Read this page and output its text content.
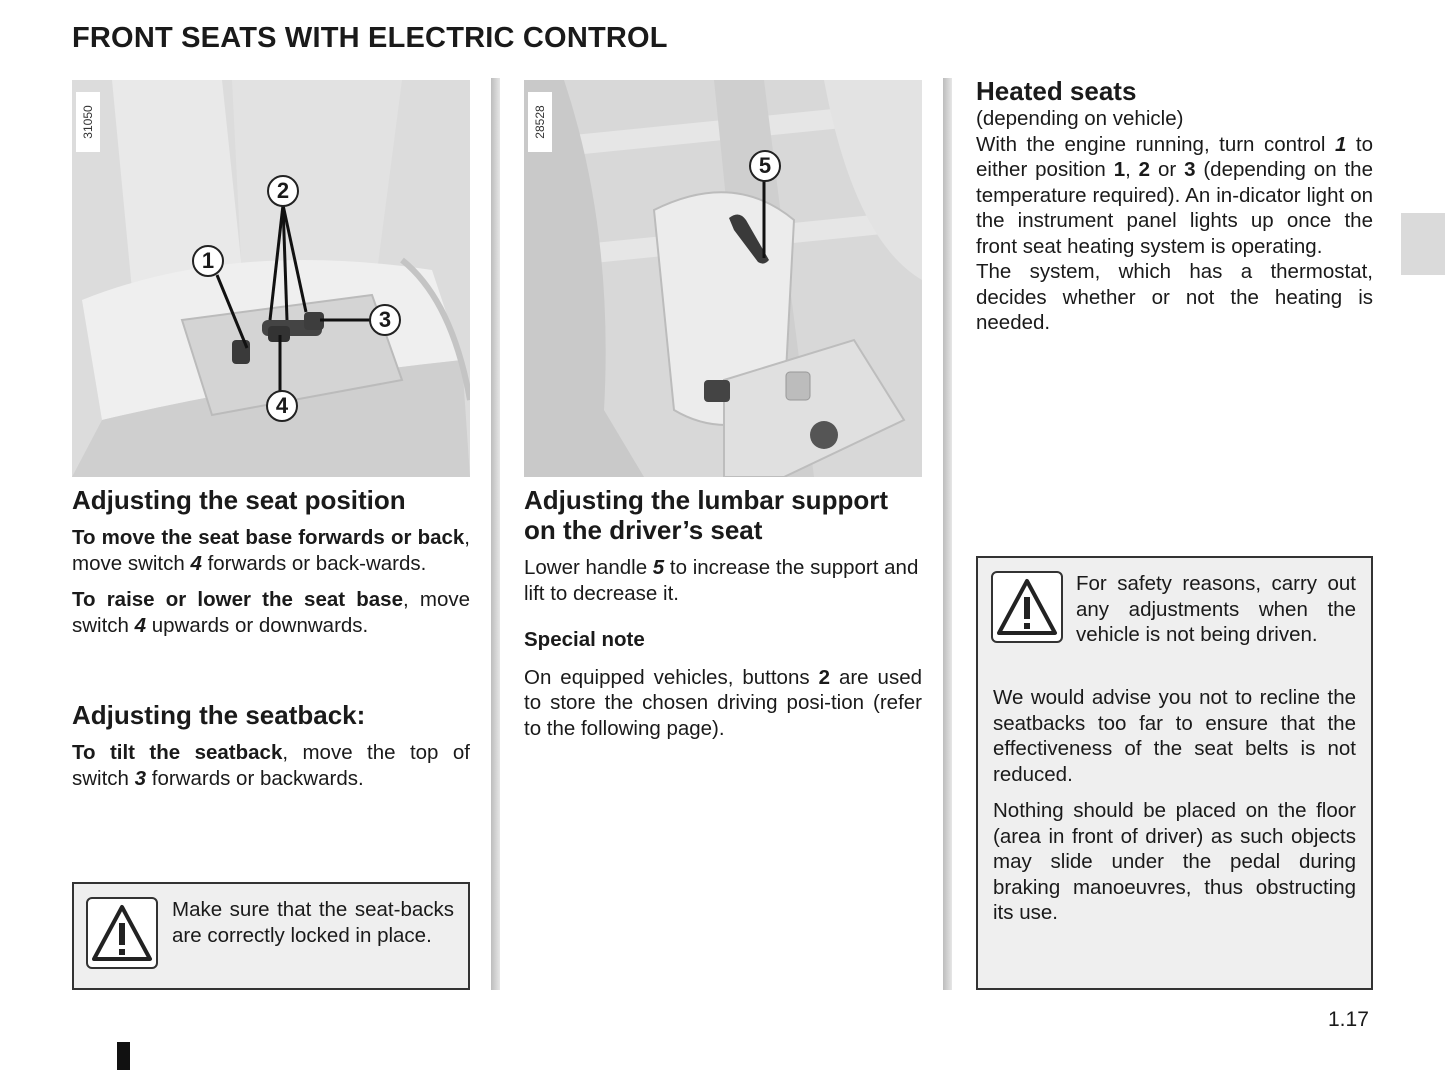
FRONT SEATS WITH ELECTRIC CONTROL
31050
1
2
3
4
28528
5
Adjusting the seat position

To move the seat base forwards or back, move switch 4 forwards or back-wards.

To raise or lower the seat base, move switch 4 upwards or downwards.

Adjusting the seatback:

To tilt the seatback, move the top of switch 3 forwards or backwards.

Make sure that the seat-backs are correctly locked in place.

Adjusting the lumbar support
on the driver’s seat

Lower handle 5 to increase the support and lift to decrease it.

Special note

On equipped vehicles, buttons 2 are used to store the chosen driving posi-tion (refer to the following page).

Heated seats

(depending on vehicle)

With the engine running, turn control 1 to either position 1, 2 or 3 (depending on the temperature required). An in-dicator light on the instrument panel lights up once the front seat heating system is operating.

The system, which has a thermostat, decides whether or not the heating is needed.

For safety reasons, carry out any adjustments when the vehicle is not being driven.

We would advise you not to recline the seatbacks too far to ensure that the effectiveness of the seat belts is not reduced.

Nothing should be placed on the floor (area in front of driver) as such objects may slide under the pedal during braking manoeuvres, thus obstructing its use.

1.17
